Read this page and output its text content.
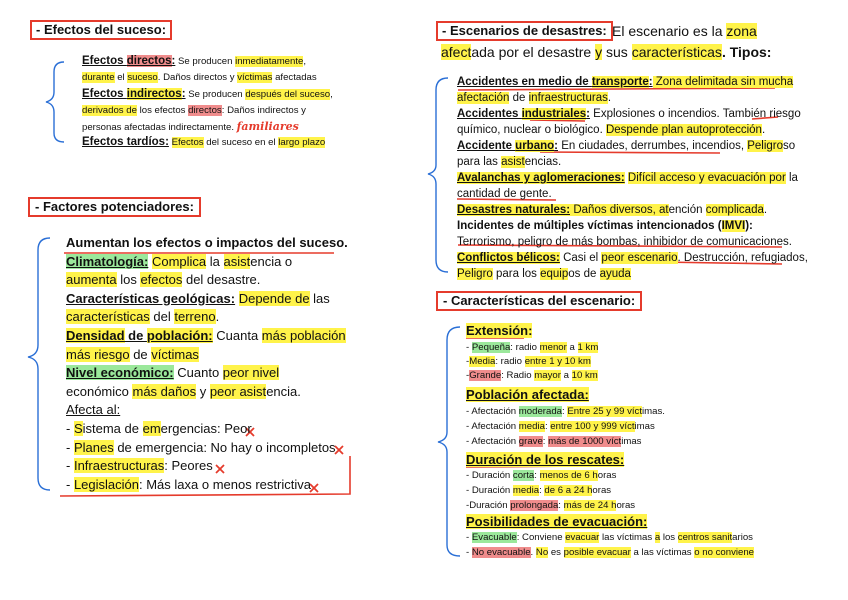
- Efectos del suceso:
Efectos directos: Se producen inmediatamente,
durante el suceso. Daños directos y víctimas afectadas
Efectos indirectos: Se producen después del suceso,
derivados de los efectos directos: Daños indirectos y
personas afectadas indirectamente. familiares
Efectos tardíos: Efectos del suceso en el largo plazo
- Factores potenciadores:
Aumentan los efectos o impactos del suceso.
Climatología: Complica la asistencia o
aumenta los efectos del desastre.
Características geológicas: Depende de las
características del terreno.
Densidad de población: Cuanta más población
más riesgo de víctimas
Nivel económico: Cuanto peor nivel
económico más daños y peor asistencia.
Afecta al:
- Sistema de emergencias: Peor
- Planes de emergencia: No hay o incompletos
- Infraestructuras: Peores
- Legislación: Más laxa o menos restrictiva
- Escenarios de desastres: El escenario es la zona
afectada por el desastre y sus características. Tipos:
Accidentes en medio de transporte: Zona delimitada sin mucha
afectación de infraestructuras.
Accidentes industriales: Explosiones o incendios. También riesgo
químico, nuclear o biológico. Despende plan autoprotección.
Accidente urbano: En ciudades, derrumbes, incendios, Peligroso
para las asistencias.
Avalanchas y aglomeraciones: Difícil acceso y evacuación por la
cantidad de gente.
Desastres naturales: Daños diversos, atención complicada.
Incidentes de múltiples víctimas intencionados (IMVI):
Terrorismo, peligro de más bombas, inhibidor de comunicaciones.
Conflictos bélicos: Casi el peor escenario. Destrucción, refugiados,
Peligro para los equipos de ayuda
- Características del escenario:
Extensión:
- Pequeña: radio menor a 1 km
-Media: radio entre 1 y 10 km
-Grande: Radio mayor a 10 km
Población afectada:
- Afectación moderada: Entre 25 y 99 víctimas.
- Afectación media: entre 100 y 999 víctimas
- Afectación grave: más de 1000 víctimas
Duración de los rescates:
- Duración corta: menos de 6 horas
- Duración media: de 6 a 24 horas
-Duración prolongada: más de 24 horas
Posibilidades de evacuación:
- Evacuable: Conviene evacuar las víctimas a los centros sanitarios
- No evacuable. No es posible evacuar a las víctimas o no conviene
